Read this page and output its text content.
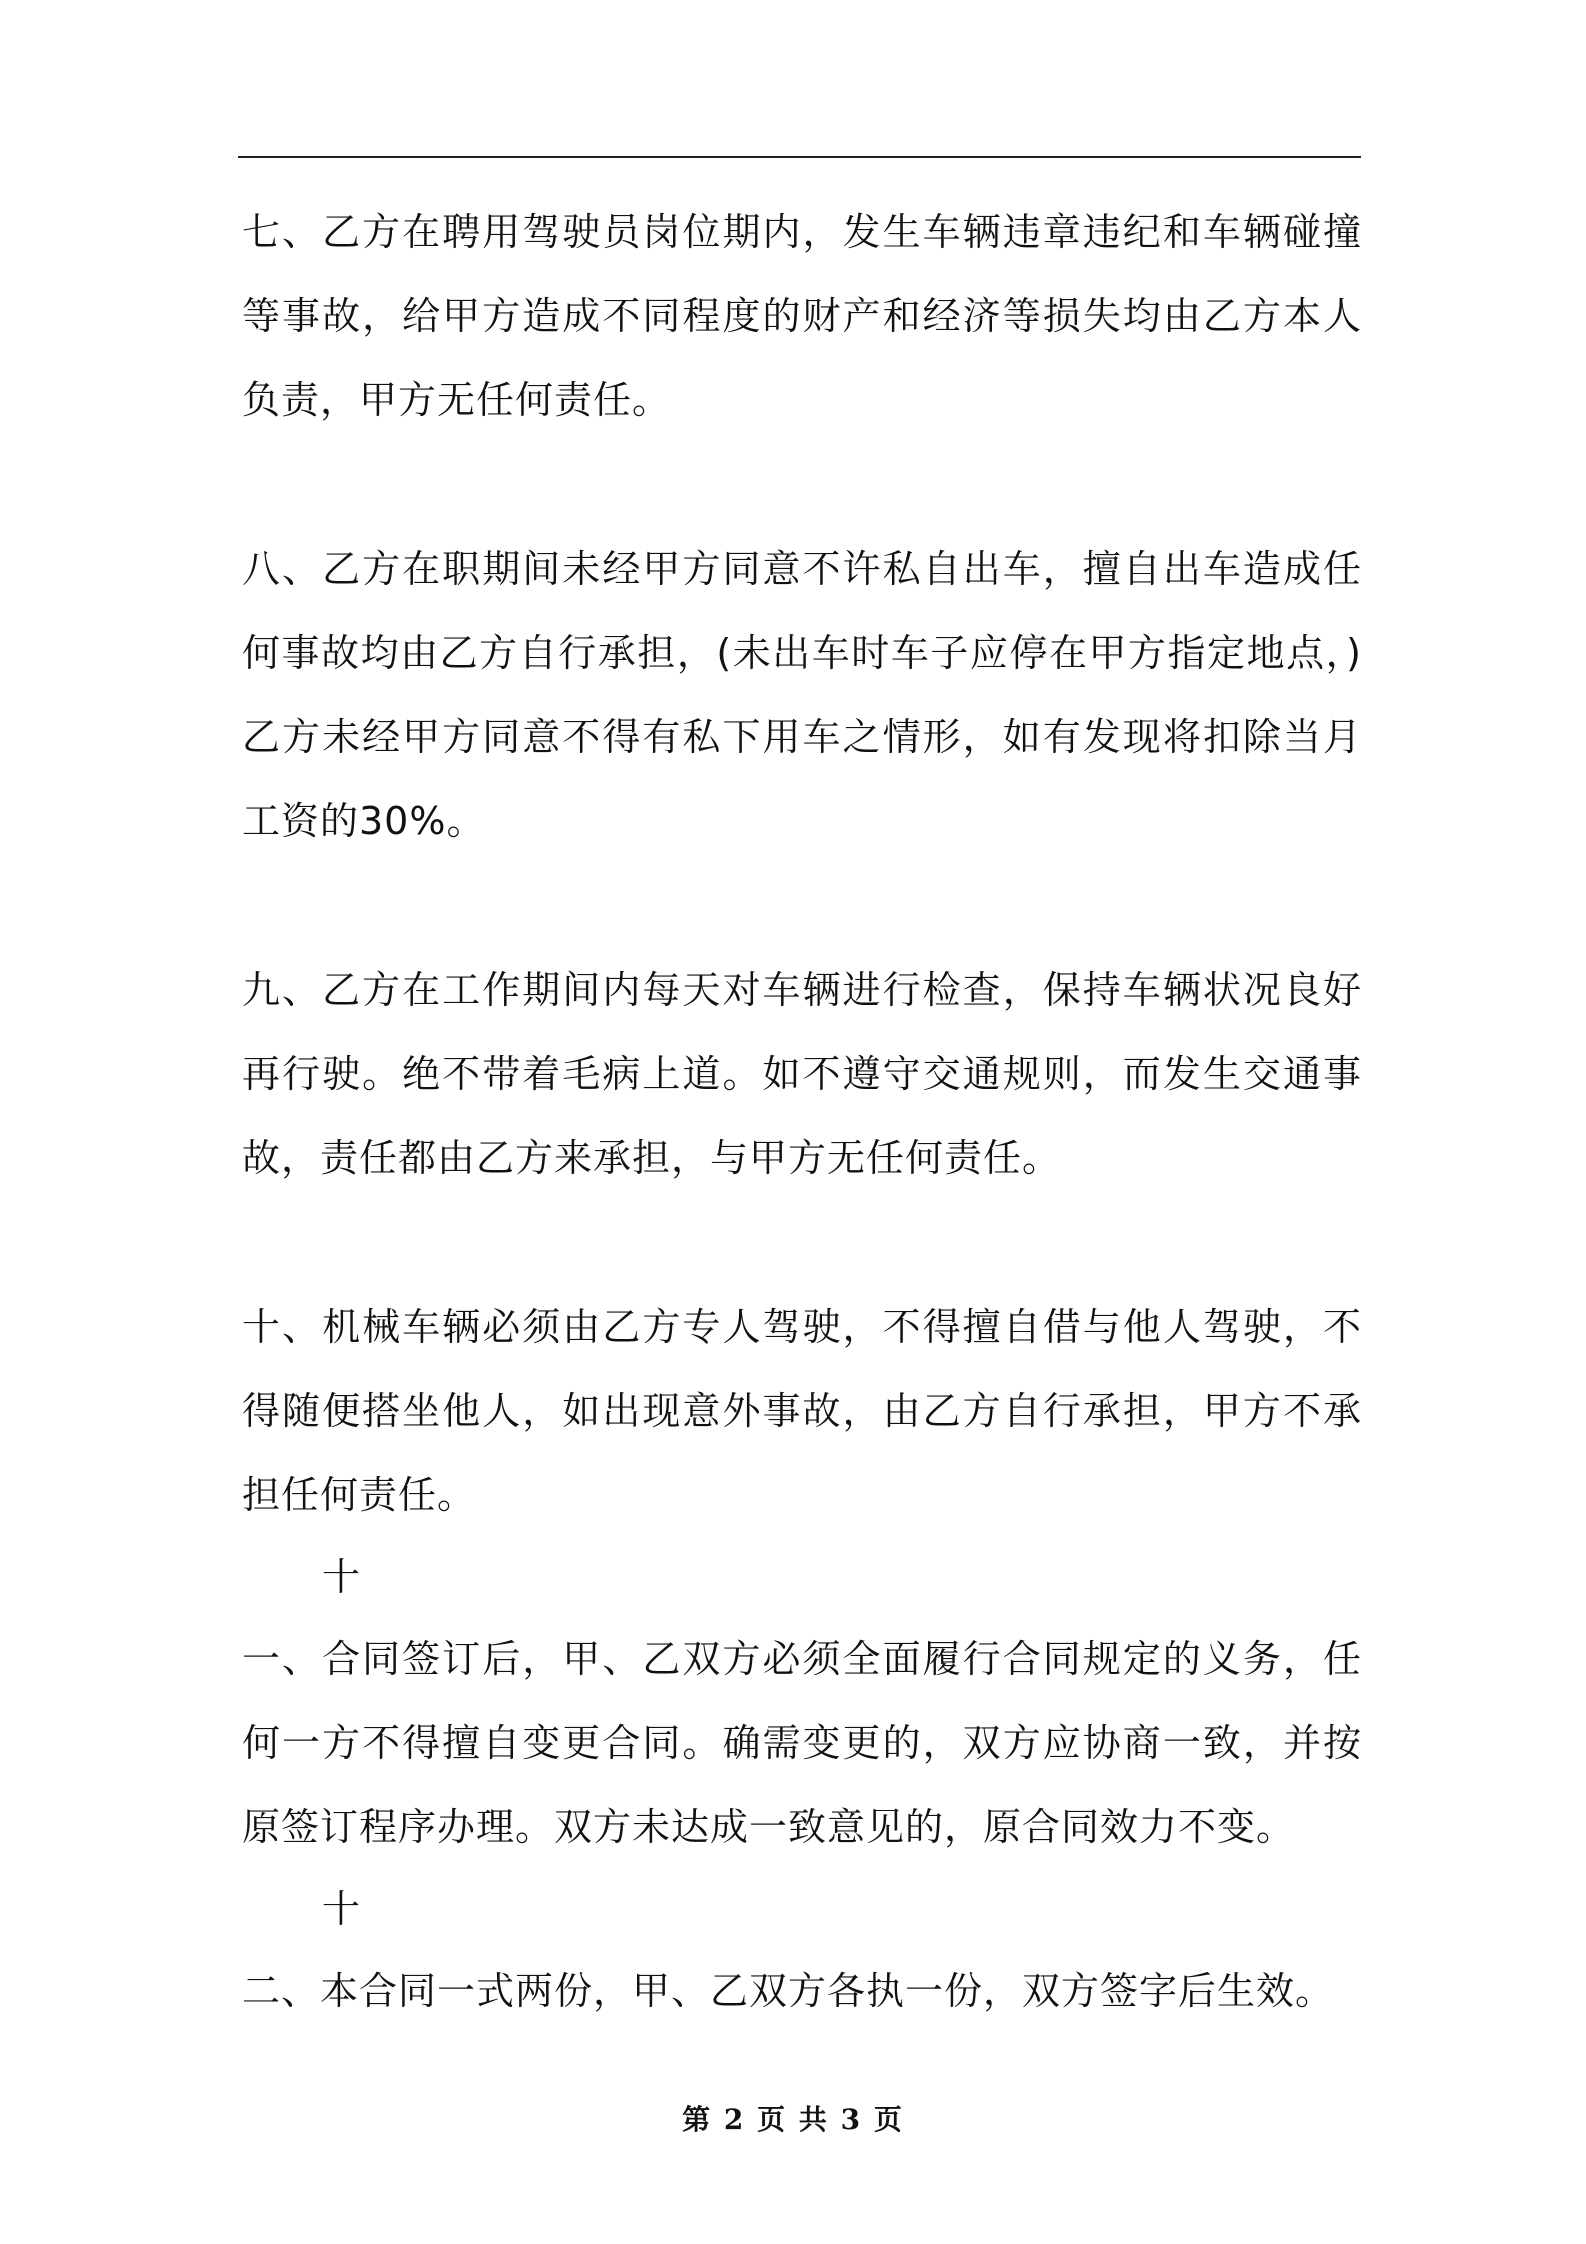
七、乙方在聘用驾驶员岗位期内，发生车辆违章违纪和车辆碰撞等事故，给甲方造成不同程度的财产和经济等损失均由乙方本人负责，甲方无任何责任。

八、乙方在职期间未经甲方同意不许私自出车，擅自出车造成任何事故均由乙方自行承担，(未出车时车子应停在甲方指定地点，)乙方未经甲方同意不得有私下用车之情形，如有发现将扣除当月工资的30%。

九、乙方在工作期间内每天对车辆进行检查，保持车辆状况良好再行驶。绝不带着毛病上道。如不遵守交通规则，而发生交通事故，责任都由乙方来承担，与甲方无任何责任。

十、机械车辆必须由乙方专人驾驶，不得擅自借与他人驾驶，不得随便搭坐他人，如出现意外事故，由乙方自行承担，甲方不承担任何责任。

十

一、合同签订后，甲、乙双方必须全面履行合同规定的义务，任何一方不得擅自变更合同。确需变更的，双方应协商一致，并按原签订程序办理。双方未达成一致意见的，原合同效力不变。

十

二、本合同一式两份，甲、乙双方各执一份，双方签字后生效。

第 2 页 共 3 页
